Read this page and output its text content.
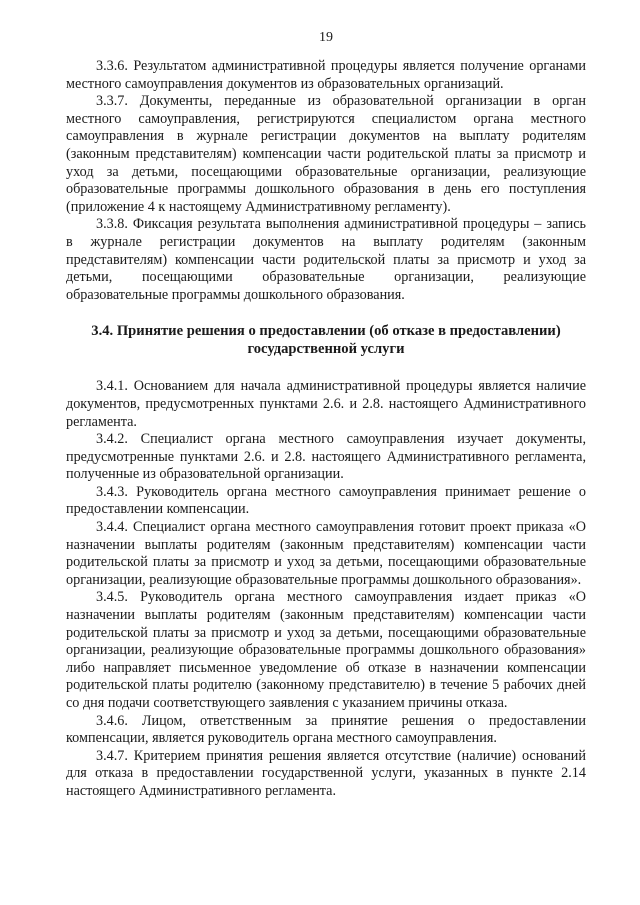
19

3.3.6. Результатом административной процедуры является получение органами местного самоуправления документов из образовательных организаций.

3.3.7. Документы, переданные из образовательной организации в орган местного самоуправления, регистрируются специалистом органа местного самоуправления в журнале регистрации документов на выплату родителям (законным представителям) компенсации части родительской платы за присмотр и уход за детьми, посещающими образовательные организации, реализующие образовательные программы дошкольного образования в день его поступления (приложение 4 к настоящему Административному регламенту).

3.3.8. Фиксация результата выполнения административной процедуры – запись в журнале регистрации документов на выплату родителям (законным представителям) компенсации части родительской платы за присмотр и уход за детьми, посещающими образовательные организации, реализующие образовательные программы дошкольного образования.

3.4. Принятие решения о предоставлении (об отказе в предоставлении) государственной услуги

3.4.1. Основанием для начала административной процедуры является наличие документов, предусмотренных пунктами 2.6. и 2.8. настоящего Административного регламента.

3.4.2. Специалист органа местного самоуправления изучает документы, предусмотренные пунктами 2.6. и 2.8. настоящего Административного регламента, полученные из образовательной организации.

3.4.3. Руководитель органа местного самоуправления принимает решение о предоставлении компенсации.

3.4.4. Специалист органа местного самоуправления готовит проект приказа «О назначении выплаты родителям (законным представителям) компенсации части родительской платы за присмотр и уход за детьми, посещающими образовательные организации, реализующие образовательные программы дошкольного образования».

3.4.5. Руководитель органа местного самоуправления издает приказ «О назначении выплаты родителям (законным представителям) компенсации части родительской платы за присмотр и уход за детьми, посещающими образовательные организации, реализующие образовательные программы дошкольного образования» либо направляет письменное уведомление об отказе в назначении компенсации родительской платы родителю (законному представителю) в течение 5 рабочих дней со дня подачи соответствующего заявления с указанием причины отказа.

3.4.6. Лицом, ответственным за принятие решения о предоставлении компенсации, является руководитель органа местного самоуправления.

3.4.7. Критерием принятия решения является отсутствие (наличие) оснований для отказа в предоставлении государственной услуги, указанных в пункте 2.14 настоящего Административного регламента.
